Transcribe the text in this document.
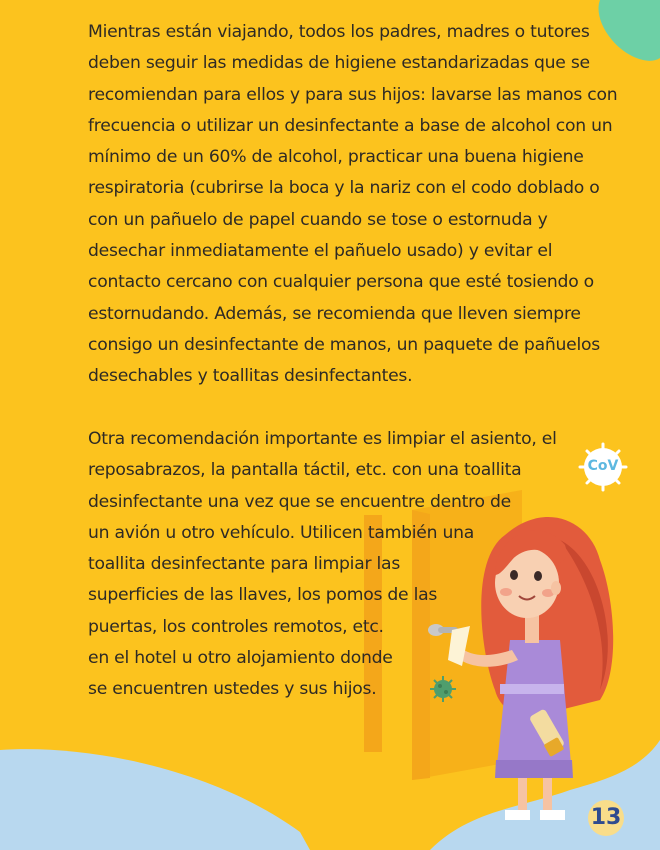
CoV

Mientras están viajando, todos los padres, madres o tutores
deben seguir las medidas de higiene estandarizadas que se
recomiendan para ellos y para sus hijos: lavarse las manos con
frecuencia o utilizar un desinfectante a base de alcohol con un
mínimo de un 60% de alcohol, practicar una buena higiene
respiratoria (cubrirse la boca y la nariz con el codo doblado o
con un pañuelo de papel cuando se tose o estornuda y
desechar inmediatamente el pañuelo usado) y evitar el
contacto cercano con cualquier persona que esté tosiendo o
estornudando. Además, se recomienda que lleven siempre
consigo un desinfectante de manos, un paquete de pañuelos
desechables y toallitas desinfectantes.

Otra recomendación importante es limpiar el asiento, el
reposabrazos, la pantalla táctil, etc. con una toallita
desinfectante una vez que se encuentre dentro de
un avión u otro vehículo. Utilicen también una
toallita desinfectante para limpiar las
superficies de las llaves, los pomos de las
puertas, los controles remotos, etc.
en el hotel u otro alojamiento donde
se encuentren ustedes y sus hijos.

13
